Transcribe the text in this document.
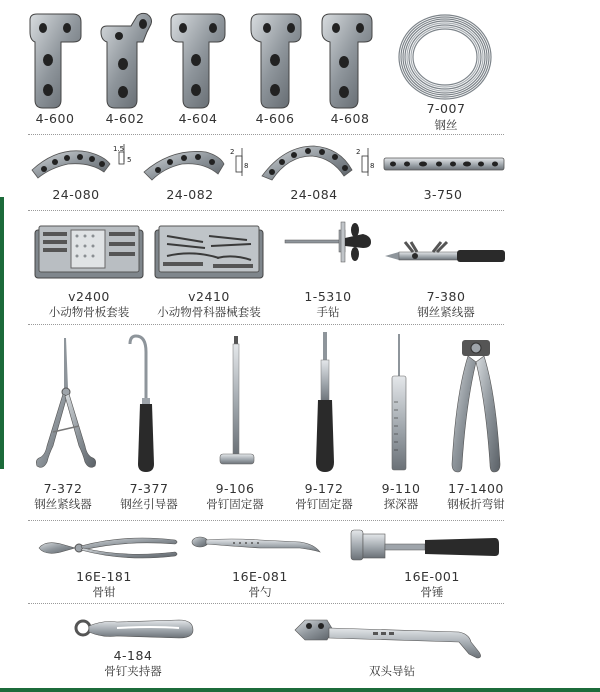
4-600 4-602	4-604	4-606	4-608
7-007
钢丝
1.5
5
24-080
2
8
24-082
2
8
24-084	3-750
v2400
小动物骨板套装
v2410
小动物骨科器械套装
1-5310
手钻
7-380
钢丝紧线器
7-372
钢丝紧线器
7-377
钢丝引导器
9-106
骨钉固定器
9-172
骨钉固定器
9-110
探深器
17-1400
钢板折弯钳
16E-181
骨钳
16E-081
骨勺
16E-001
骨锤
4-184
骨钉夹持器	双头导钻
